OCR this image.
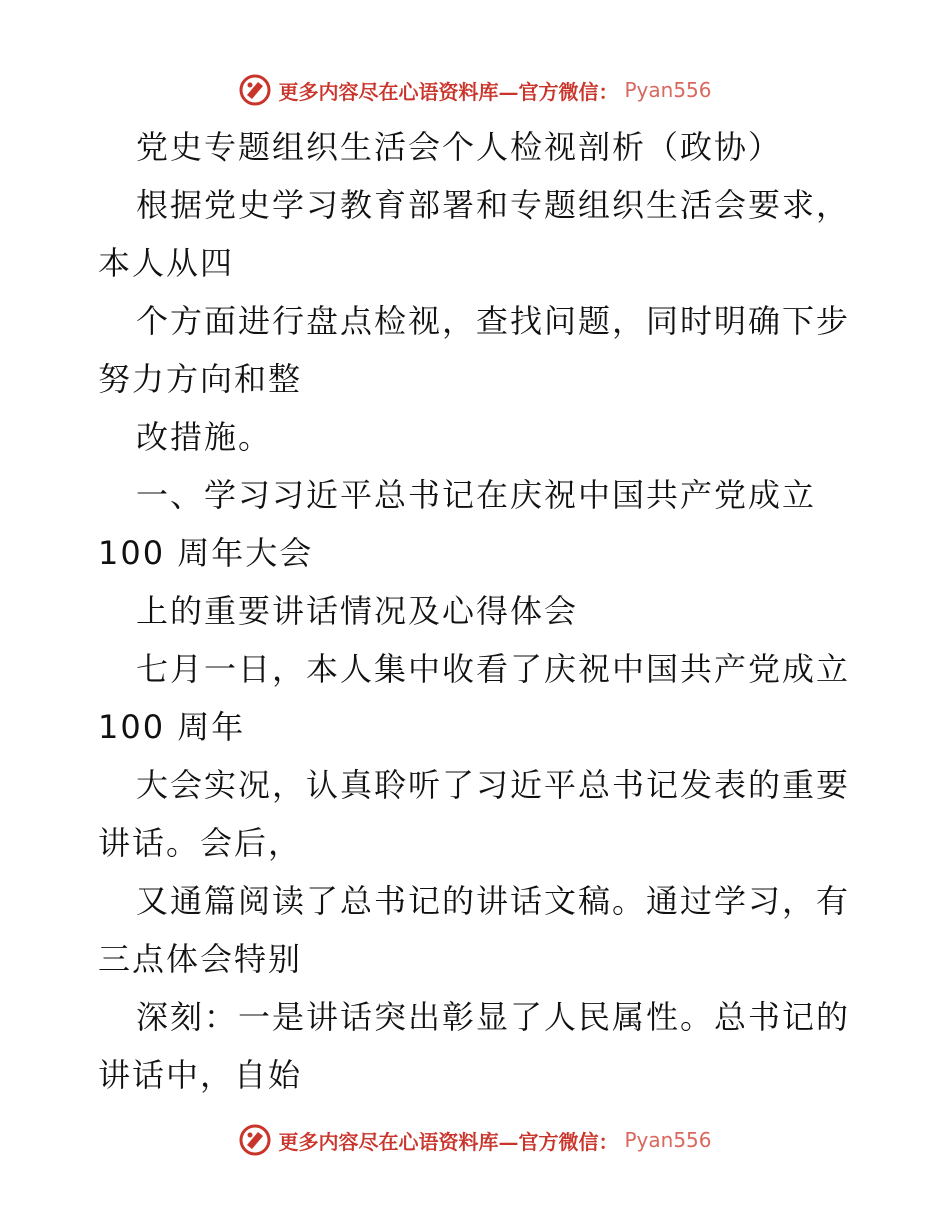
更多内容尽在心语资料库—官方微信： Pyan556
党史专题组织生活会个人检视剖析（政协）
根据党史学习教育部署和专题组织生活会要求，
本人从四
个方面进行盘点检视，查找问题，同时明确下步
努力方向和整
改措施。
一、学习习近平总书记在庆祝中国共产党成立
100 周年大会
上的重要讲话情况及心得体会
七月一日，本人集中收看了庆祝中国共产党成立
100 周年
大会实况，认真聆听了习近平总书记发表的重要
讲话。会后，
又通篇阅读了总书记的讲话文稿。通过学习，有
三点体会特别
深刻：一是讲话突出彰显了人民属性。总书记的
讲话中，自始
更多内容尽在心语资料库—官方微信： Pyan556
